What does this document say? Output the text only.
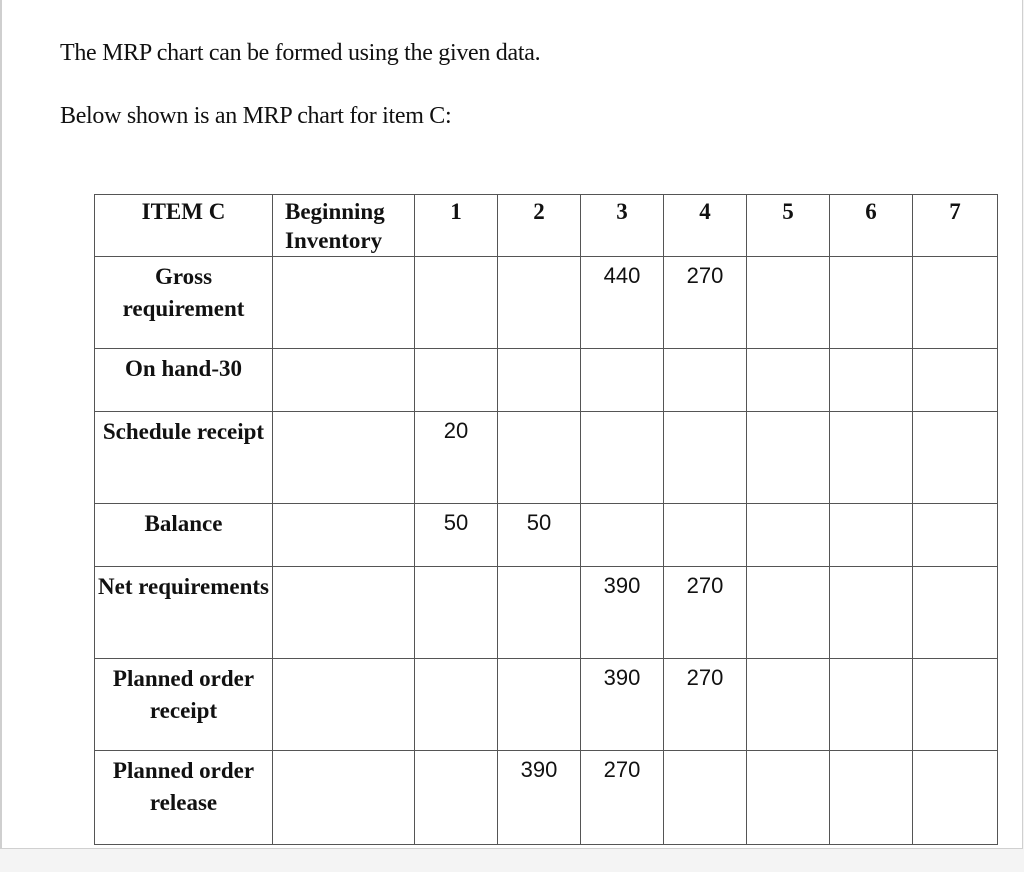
The MRP chart can be formed using the given data.

Below shown is an MRP chart for item C:

ITEM C	Beginning Inventory	1	2	3	4	5	6	7
Gross requirement				440	270			
On hand-30								
Schedule receipt		20						
Balance		50	50					
Net requirements				390	270			
Planned order receipt				390	270			
Planned order release			390	270				
